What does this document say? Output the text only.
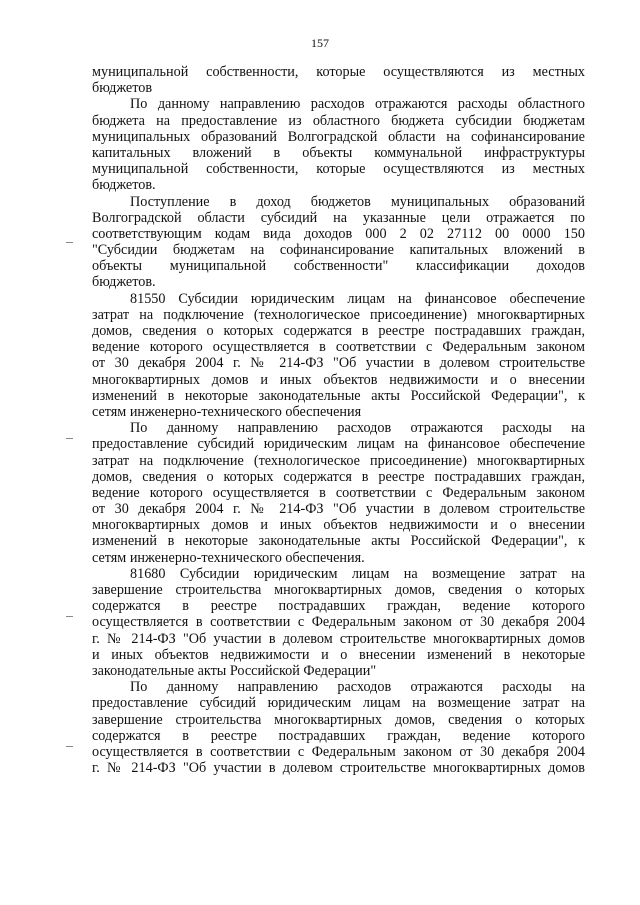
157
муниципальной собственности, которые осуществляются из местных
бюджетов
По данному направлению расходов отражаются расходы областного
бюджета на предоставление из областного бюджета субсидии бюджетам
муниципальных образований Волгоградской области на софинансирование
капитальных вложений в объекты коммунальной инфраструктуры
муниципальной собственности, которые осуществляются из местных
бюджетов.
Поступление в доход бюджетов муниципальных образований
Волгоградской области субсидий на указанные цели отражается по
соответствующим кодам вида доходов 000 2 02 27112 00 0000 150
"Субсидии бюджетам на софинансирование капитальных вложений в
объекты муниципальной собственности" классификации доходов
бюджетов.
81550 Субсидии юридическим лицам на финансовое обеспечение
затрат на подключение (технологическое присоединение) многоквартирных
домов, сведения о которых содержатся в реестре пострадавших граждан,
ведение которого осуществляется в соответствии с Федеральным законом
от 30 декабря 2004 г. № 214-ФЗ "Об участии в долевом строительстве
многоквартирных домов и иных объектов недвижимости и о внесении
изменений в некоторые законодательные акты Российской Федерации", к
сетям инженерно-технического обеспечения
По данному направлению расходов отражаются расходы на
предоставление субсидий юридическим лицам на финансовое обеспечение
затрат на подключение (технологическое присоединение) многоквартирных
домов, сведения о которых содержатся в реестре пострадавших граждан,
ведение которого осуществляется в соответствии с Федеральным законом
от 30 декабря 2004 г. № 214-ФЗ "Об участии в долевом строительстве
многоквартирных домов и иных объектов недвижимости и о внесении
изменений в некоторые законодательные акты Российской Федерации", к
сетям инженерно-технического обеспечения.
81680 Субсидии юридическим лицам на возмещение затрат на
завершение строительства многоквартирных домов, сведения о которых
содержатся в реестре пострадавших граждан, ведение которого
осуществляется в соответствии с Федеральным законом от 30 декабря 2004
г. № 214-ФЗ "Об участии в долевом строительстве многоквартирных домов
и иных объектов недвижимости и о внесении изменений в некоторые
законодательные акты Российской Федерации"
По данному направлению расходов отражаются расходы на
предоставление субсидий юридическим лицам на возмещение затрат на
завершение строительства многоквартирных домов, сведения о которых
содержатся в реестре пострадавших граждан, ведение которого
осуществляется в соответствии с Федеральным законом от 30 декабря 2004
г. № 214-ФЗ "Об участии в долевом строительстве многоквартирных домов
